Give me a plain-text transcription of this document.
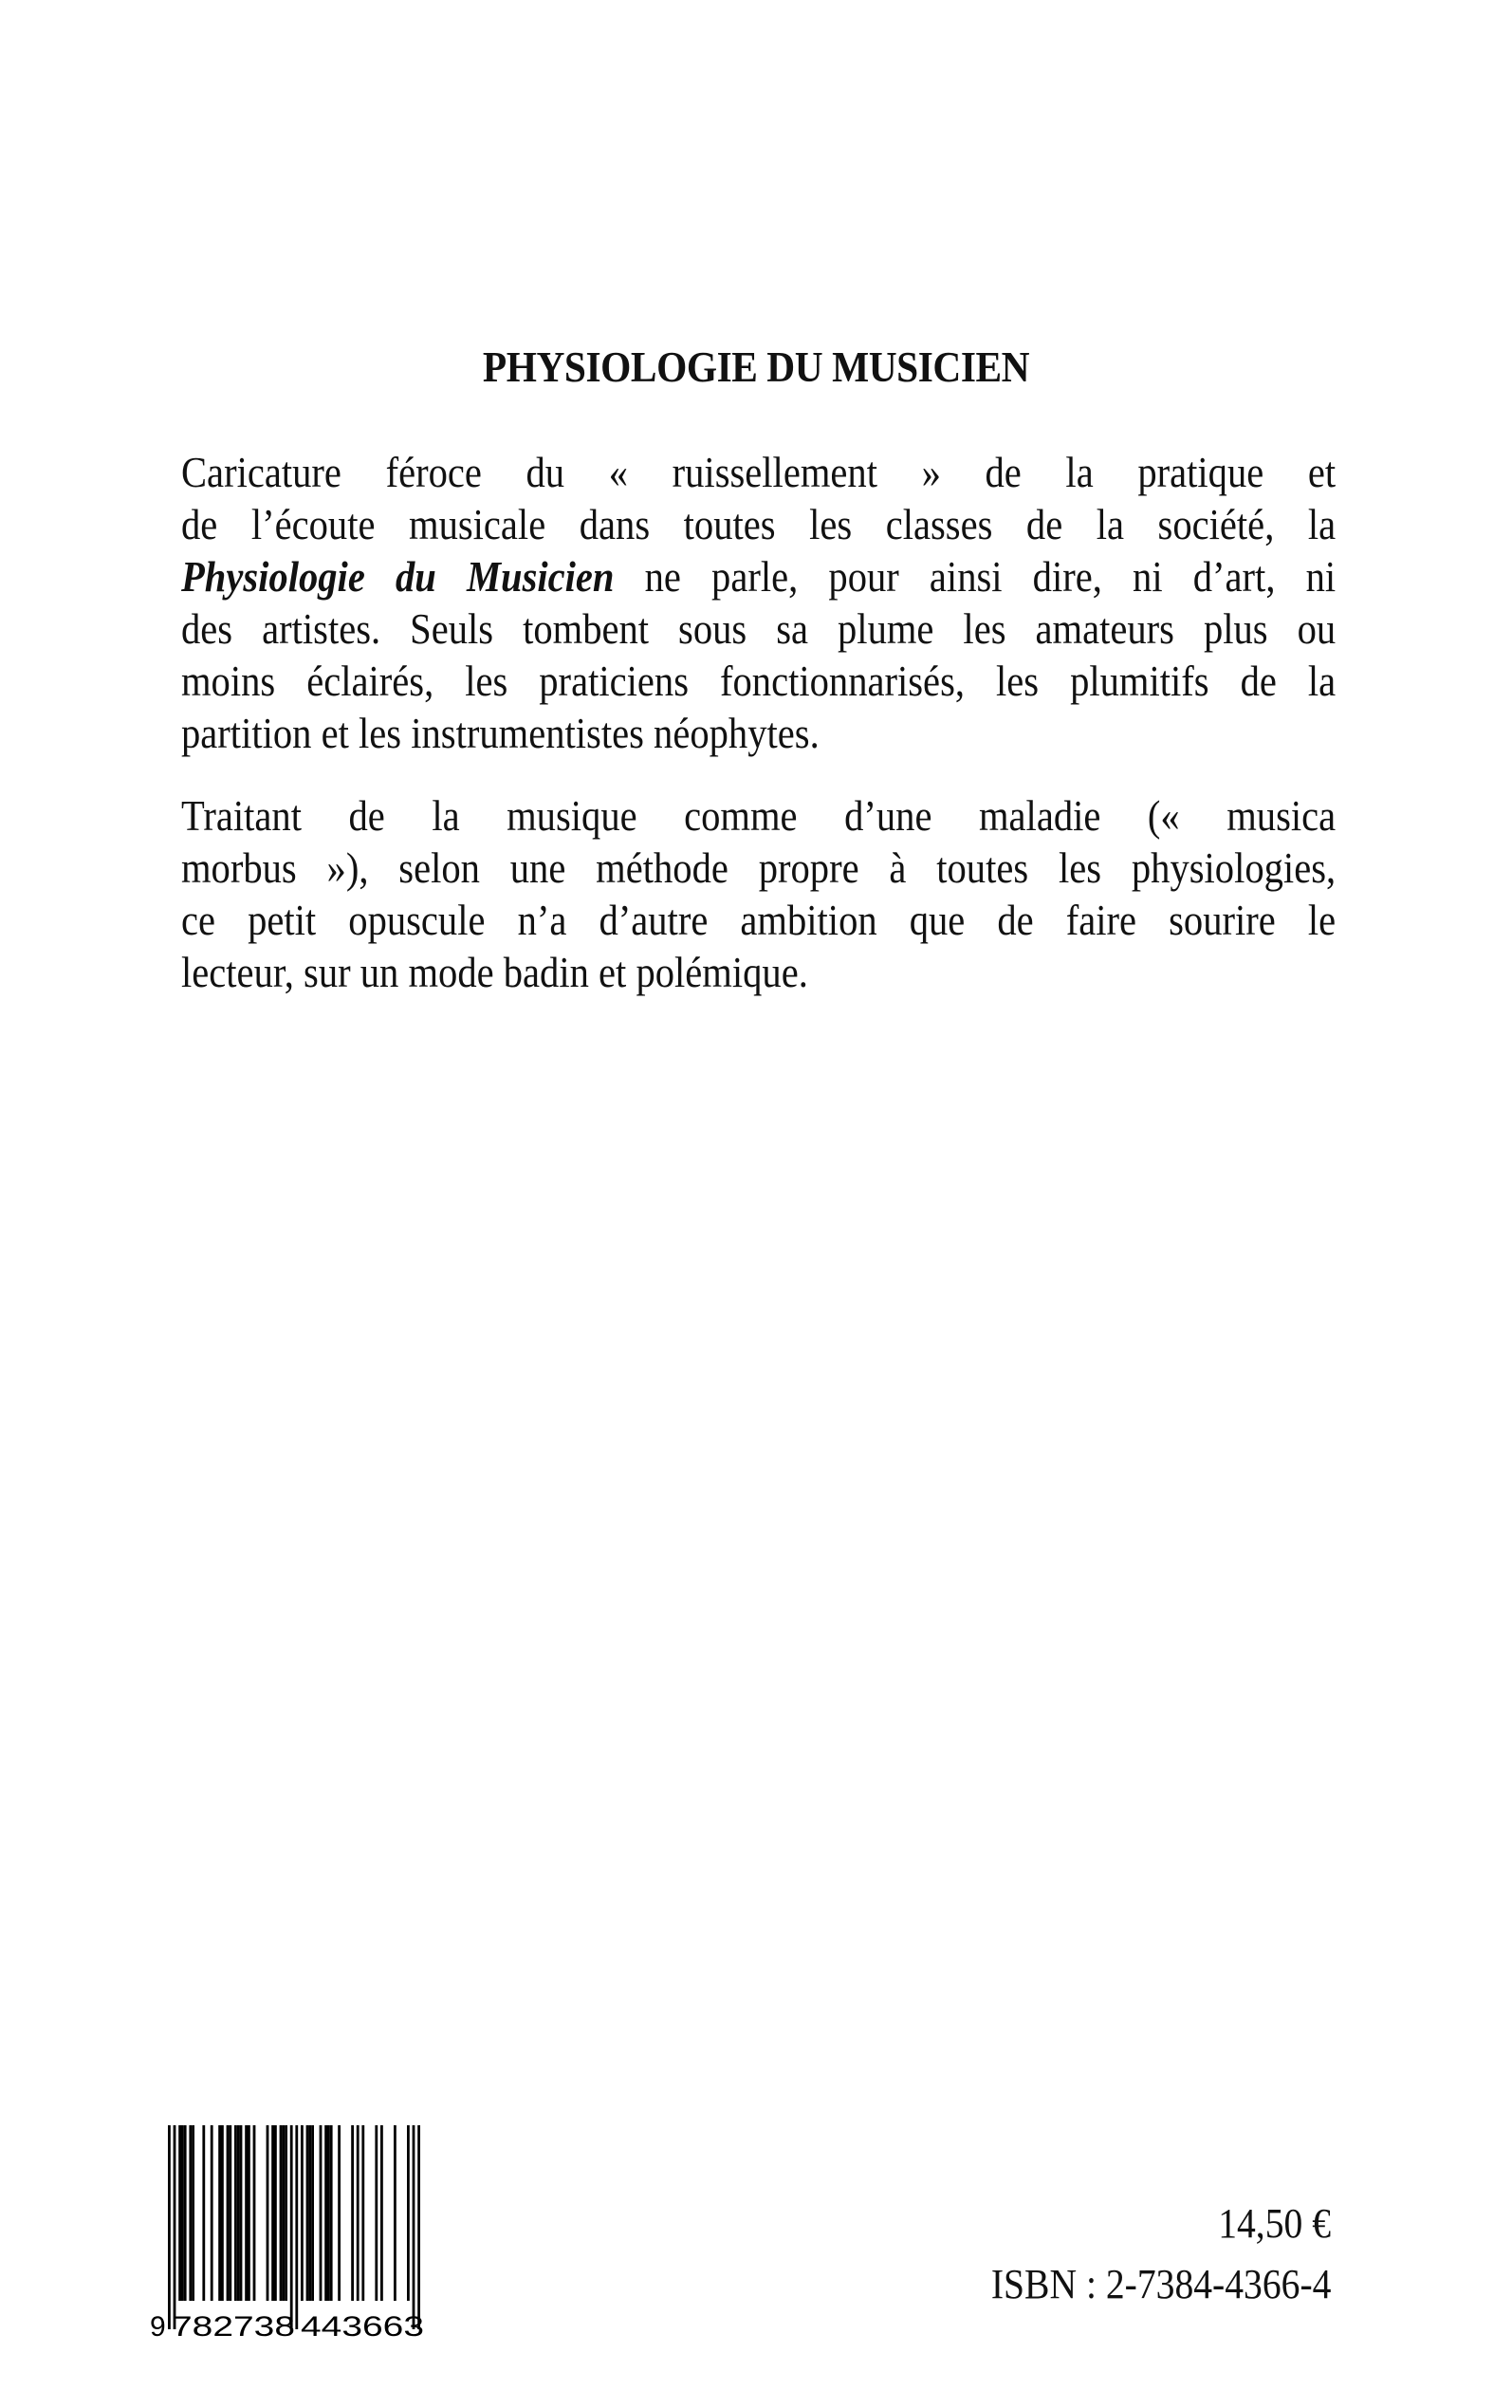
PHYSIOLOGIE DU MUSICIEN
Caricature féroce du « ruissellement » de la pratique et
de l’écoute musicale dans toutes les classes de la société, la
Physiologie du Musicien ne parle, pour ainsi dire, ni d’art, ni
des artistes. Seuls tombent sous sa plume les amateurs plus ou
moins éclairés, les praticiens fonctionnarisés, les plumitifs de la
partition et les instrumentistes néophytes.
Traitant de la musique comme d’une maladie (« musica
morbus »), selon une méthode propre à toutes les physiologies,
ce petit opuscule n’a d’autre ambition que de faire sourire le
lecteur, sur un mode badin et polémique.
9 782738 443663
14,50 €
ISBN : 2-7384-4366-4
